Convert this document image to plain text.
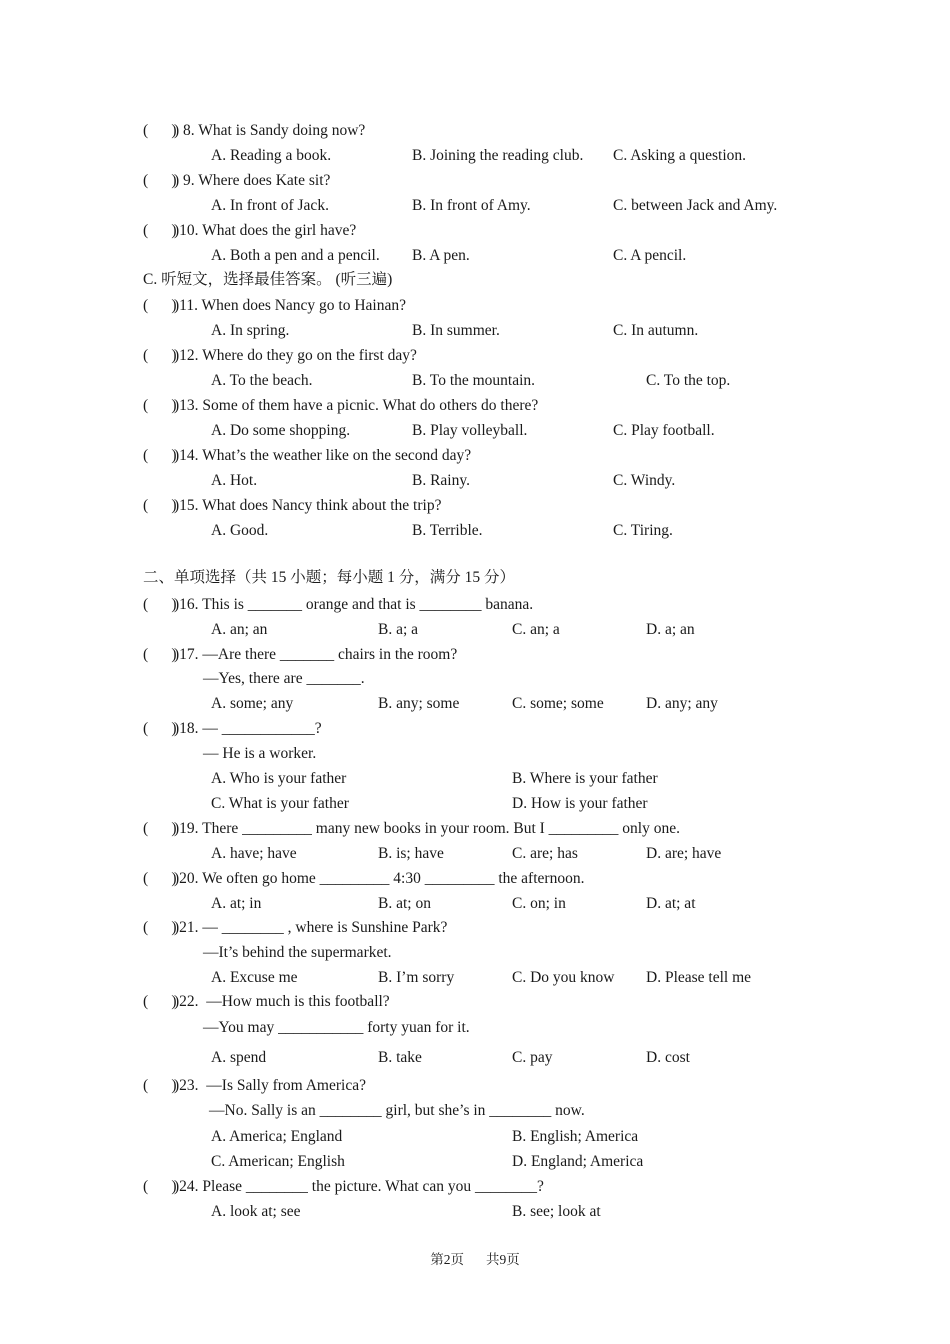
(      )
) 8. What is Sandy doing now?
A. Reading a book.	B. Joining the reading club. C. Asking a question.
(      )
) 9. Where does Kate sit?
A. In front of Jack.	B. In front of Amy.	C. between Jack and Amy.
(      )
)10. What does the girl have?
A. Both a pen and a pencil. B. A pen.	C. A pencil.
C. 听短文，选择最佳答案。 (听三遍)
(      )
)11. When does Nancy go to Hainan?
A. In spring.	B. In summer.	C. In autumn.
(      )
)12. Where do they go on the first day?
A. To the beach.	B. To the mountain.	C. To the top.
(      )
)13. Some of them have a picnic. What do others do there?
A. Do some shopping.	B. Play volleyball.	C. Play football.
(      )
)14. What’s the weather like on the second day?
A. Hot.	B. Rainy.	C. Windy.
(      )
)15. What does Nancy think about the trip?
A. Good.	B. Terrible.	C. Tiring.
二、单项选择（共 15 小题；每小题 1 分，满分 15 分）
(      )
)16. This is _______ orange and that is ________ banana.
A. an; an	B. a; a	C. an; a	D. a; an
(      )
)17. —Are there _______ chairs in the room?
—Yes, there are _______.
A. some; any	B. any; some	C. some; some	D. any; any
(      )
)18. — ____________?
— He is a worker.
A. Who is your father	B. Where is your father
C. What is your father	D. How is your father
(      )
)19. There _________ many new books in your room. But I _________ only one.
A. have; have	B. is; have	C. are; has	D. are; have
(      )
)20. We often go home _________ 4:30 _________ the afternoon.
A. at; in	B. at; on	C. on; in	D. at; at
(      )
)21. — ________ , where is Sunshine Park?
—It’s behind the supermarket.
A. Excuse me	B. I’m sorry	C. Do you know D. Please tell me
(      )
)22.  —How much is this football?
—You may ___________ forty yuan for it.
A. spend	B. take	C. pay	D. cost
(      )
)23.  —Is Sally from America?
—No. Sally is an ________ girl, but she’s in ________ now.
A. America; England	B. English; America
C. American; English	D. England; America
(      )
)24. Please ________ the picture. What can you ________?
A. look at; see	B. see; look at
第2页 共9页
